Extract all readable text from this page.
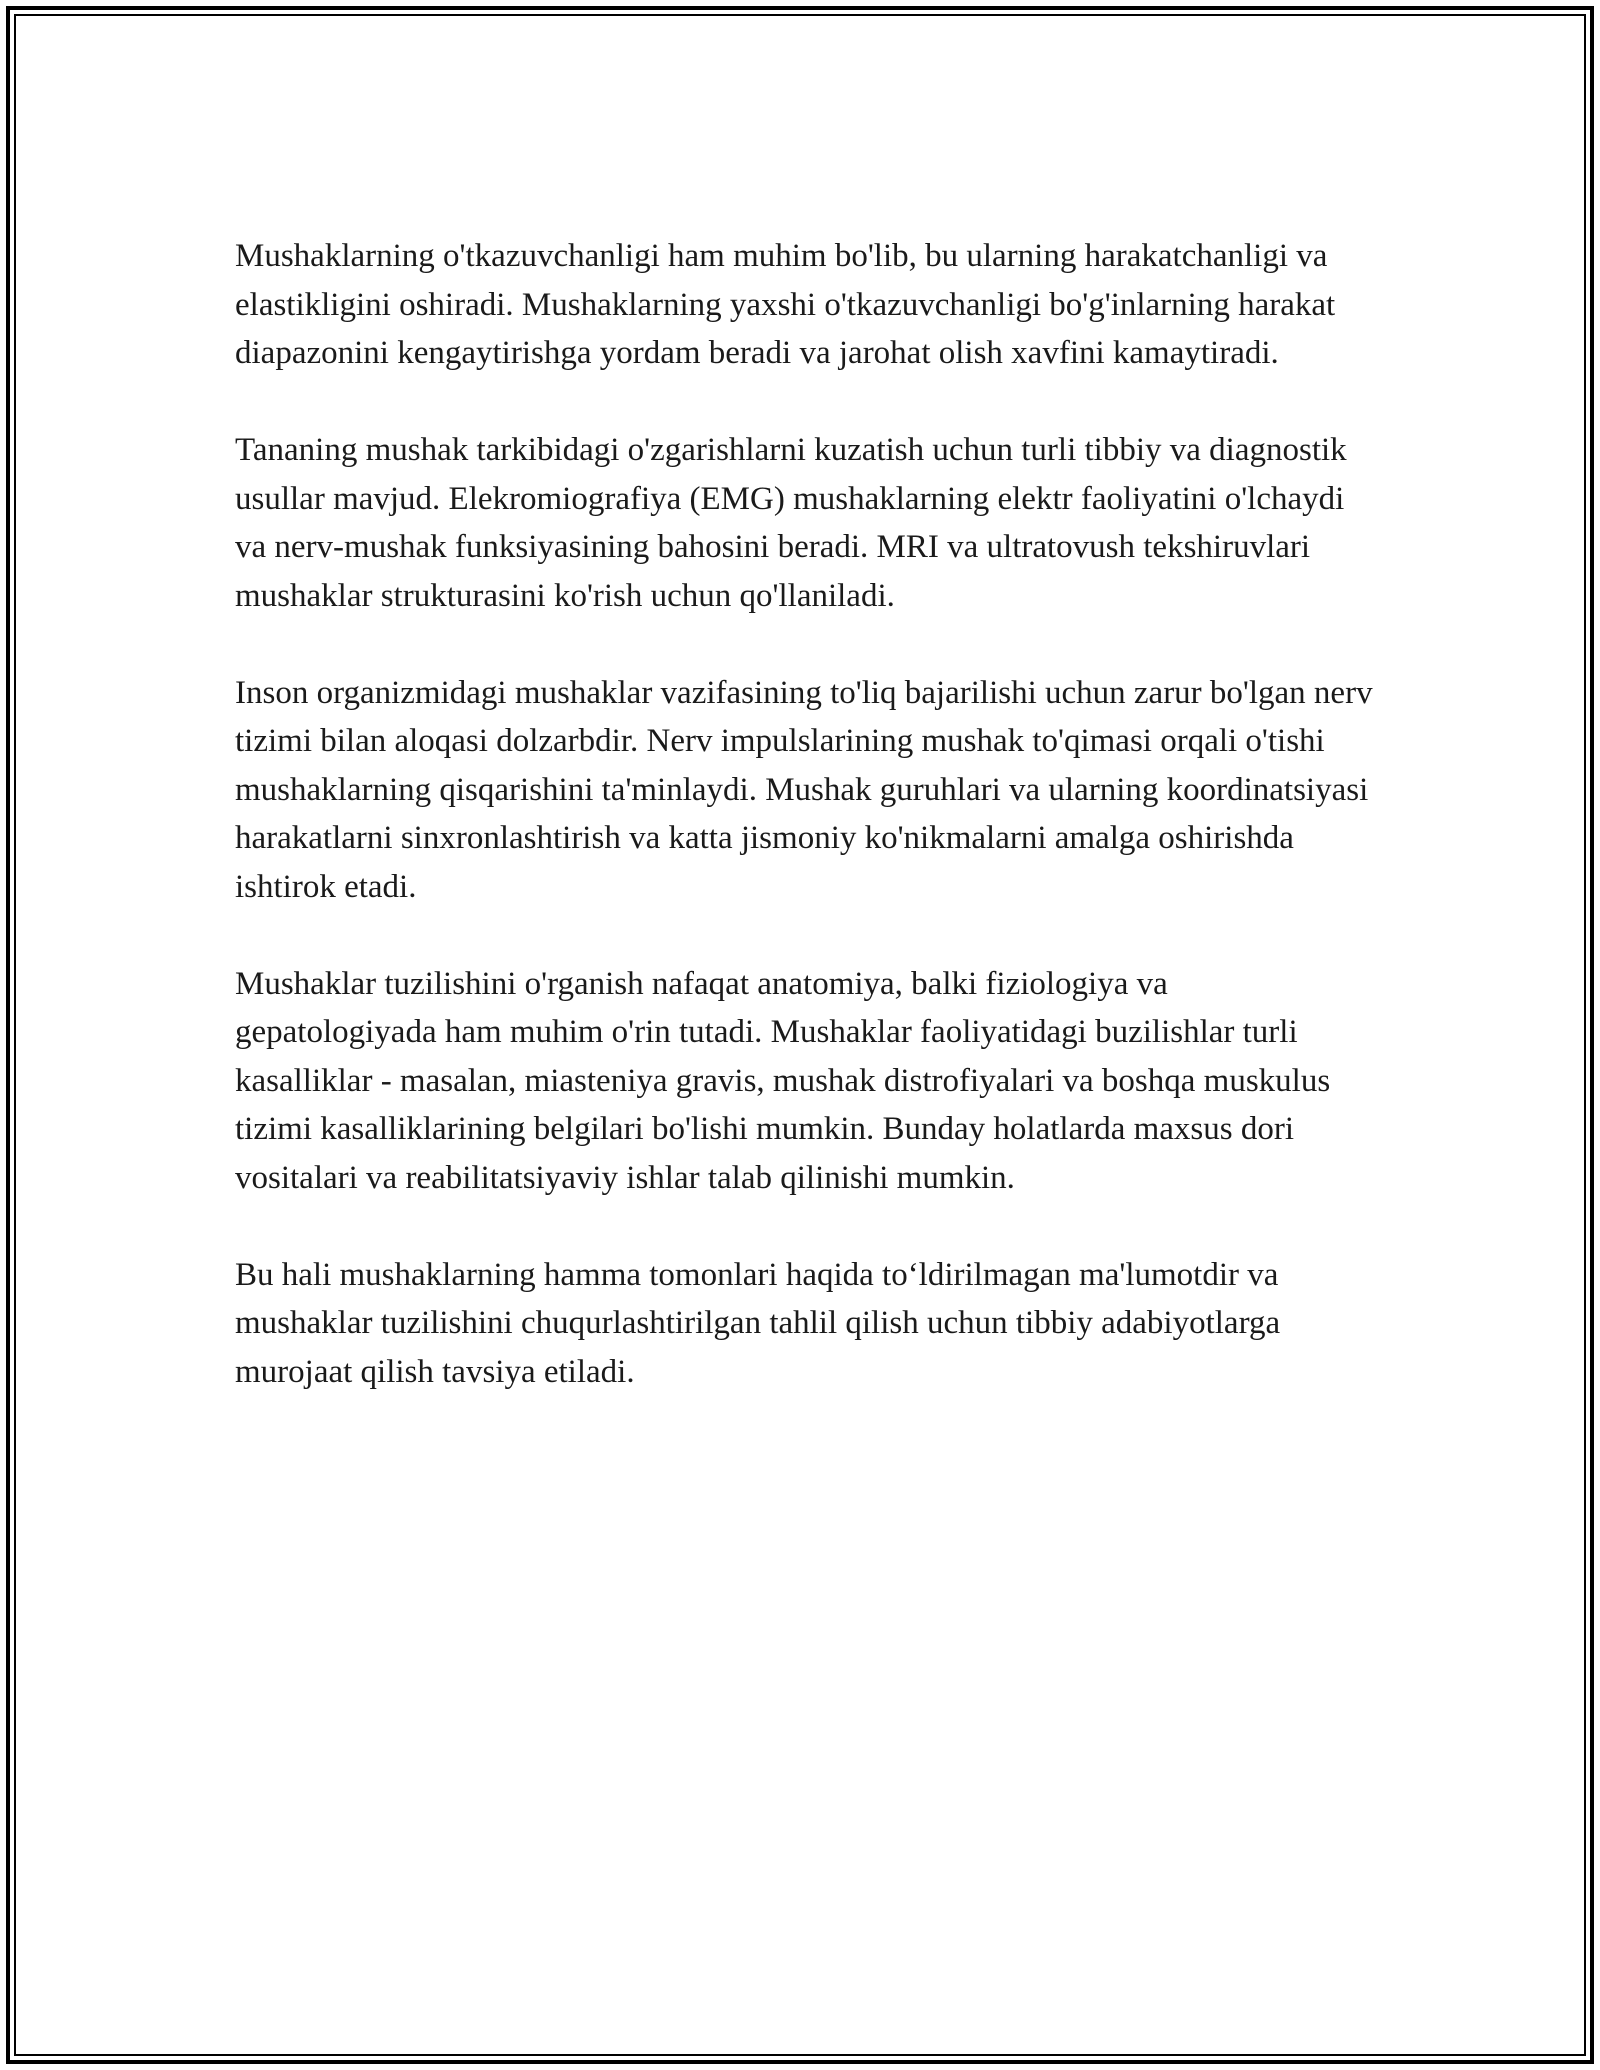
Mushaklarning o'tkazuvchanligi ham muhim bo'lib, bu ularning harakatchanligi va elastikligini oshiradi. Mushaklarning yaxshi o'tkazuvchanligi bo'g'inlarning harakat diapazonini kengaytirishga yordam beradi va jarohat olish xavfini kamaytiradi.

Tananing mushak tarkibidagi o'zgarishlarni kuzatish uchun turli tibbiy va diagnostik usullar mavjud. Elekromiografiya (EMG) mushaklarning elektr faoliyatini o'lchaydi va nerv-mushak funksiyasining bahosini beradi. MRI va ultratovush tekshiruvlari mushaklar strukturasini ko'rish uchun qo'llaniladi.

Inson organizmidagi mushaklar vazifasining to'liq bajarilishi uchun zarur bo'lgan nerv tizimi bilan aloqasi dolzarbdir. Nerv impulslarining mushak to'qimasi orqali o'tishi mushaklarning qisqarishini ta'minlaydi. Mushak guruhlari va ularning koordinatsiyasi harakatlarni sinxronlashtirish va katta jismoniy ko'nikmalarni amalga oshirishda ishtirok etadi.

Mushaklar tuzilishini o'rganish nafaqat anatomiya, balki fiziologiya va gepatologiyada ham muhim o'rin tutadi. Mushaklar faoliyatidagi buzilishlar turli kasalliklar - masalan, miasteniya gravis, mushak distrofiyalari va boshqa muskulus tizimi kasalliklarining belgilari bo'lishi mumkin. Bunday holatlarda maxsus dori vositalari va reabilitatsiyaviy ishlar talab qilinishi mumkin.

Bu hali mushaklarning hamma tomonlari haqida to‘ldirilmagan ma'lumotdir va mushaklar tuzilishini chuqurlashtirilgan tahlil qilish uchun tibbiy adabiyotlarga murojaat qilish tavsiya etiladi.
